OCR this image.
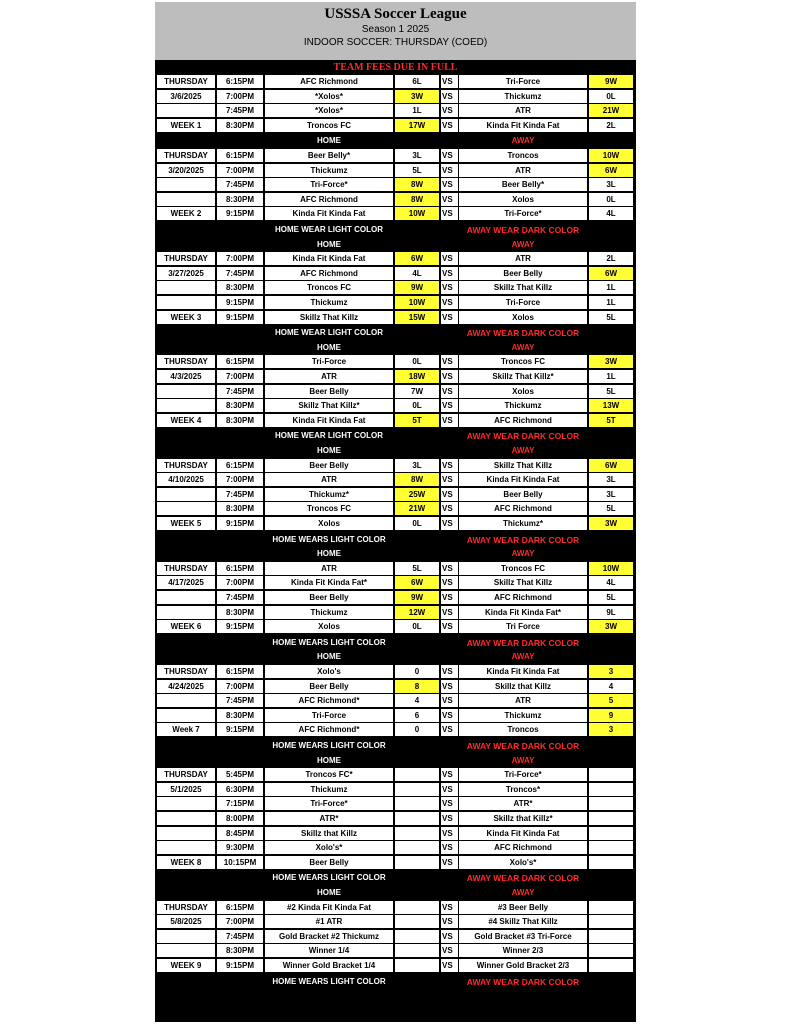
USSSA Soccer League
Season 1 2025
INDOOR SOCCER: THURSDAY (COED)
TEAM FEES DUE IN FULL
THURSDAY	6:15PM	AFC Richmond	6L	VS	Tri-Force	9W
3/6/2025	7:00PM	*Xolos*	3W	VS	Thickumz	0L
7:45PM	*Xolos*	1L	VS	ATR	21W
WEEK 1	8:30PM	Troncos FC	17W	VS	Kinda Fit Kinda Fat	2L
HOME	AWAY
THURSDAY	6:15PM	Beer Belly*	3L	VS	Troncos	10W
3/20/2025	7:00PM	Thickumz	5L	VS	ATR	6W
7:45PM	Tri-Force*	8W	VS	Beer Belly*	3L
8:30PM	AFC Richmond	8W	VS	Xolos	0L
WEEK 2	9:15PM	Kinda Fit Kinda Fat	10W	VS	Tri-Force*	4L
HOME WEAR LIGHT COLOR	AWAY WEAR DARK COLOR
HOME	AWAY
THURSDAY	7:00PM	Kinda Fit Kinda Fat	6W	VS	ATR	2L
3/27/2025	7:45PM	AFC Richmond	4L	VS	Beer Belly	6W
8:30PM	Troncos FC	9W	VS	Skillz That Killz	1L
9:15PM	Thickumz	10W	VS	Tri-Force	1L
WEEK 3	9:15PM	Skillz That Killz	15W	VS	Xolos	5L
HOME WEAR LIGHT COLOR	AWAY WEAR DARK COLOR
HOME	AWAY
THURSDAY	6:15PM	Tri-Force	0L	VS	Troncos FC	3W
4/3/2025	7:00PM	ATR	18W	VS	Skillz That Killz*	1L
7:45PM	Beer Belly	7W	VS	Xolos	5L
8:30PM	Skillz That Killz*	0L	VS	Thickumz	13W
WEEK 4	8:30PM	Kinda Fit Kinda Fat	5T	VS	AFC Richmond	5T
HOME WEAR LIGHT COLOR	AWAY WEAR DARK COLOR
HOME	AWAY
THURSDAY	6:15PM	Beer Belly	3L	VS	Skillz That Killz	6W
4/10/2025	7:00PM	ATR	8W	VS	Kinda Fit Kinda Fat	3L
7:45PM	Thickumz*	25W	VS	Beer Belly	3L
8:30PM	Troncos FC	21W	VS	AFC Richmond	5L
WEEK 5	9:15PM	Xolos	0L	VS	Thickumz*	3W
HOME WEARS LIGHT COLOR	AWAY WEAR DARK COLOR
HOME	AWAY
THURSDAY	6:15PM	ATR	5L	VS	Troncos FC	10W
4/17/2025	7:00PM	Kinda Fit Kinda Fat*	6W	VS	Skillz That Killz	4L
7:45PM	Beer Belly	9W	VS	AFC Richmond	5L
8:30PM	Thickumz	12W	VS	Kinda Fit Kinda Fat*	9L
WEEK 6	9:15PM	Xolos	0L	VS	Tri Force	3W
HOME WEARS LIGHT COLOR	AWAY WEAR DARK COLOR
HOME	AWAY
THURSDAY	6:15PM	Xolo's	0	VS	Kinda Fit Kinda Fat	3
4/24/2025	7:00PM	Beer Belly	8	VS	Skillz that Killz	4
7:45PM	AFC Richmond*	4	VS	ATR	5
8:30PM	Tri-Force	6	VS	Thickumz	9
Week 7	9:15PM	AFC Richmond*	0	VS	Troncos	3
HOME WEARS LIGHT COLOR	AWAY WEAR DARK COLOR
HOME	AWAY
THURSDAY	5:45PM	Troncos FC*	VS	Tri-Force*
5/1/2025	6:30PM	Thickumz	VS	Troncos*
7:15PM	Tri-Force*	VS	ATR*
8:00PM	ATR*	VS	Skillz that Killz*
8:45PM	Skillz that Killz	VS	Kinda Fit Kinda Fat
9:30PM	Xolo's*	VS	AFC Richmond
WEEK 8	10:15PM	Beer Belly	VS	Xolo's*
HOME WEARS LIGHT COLOR	AWAY WEAR DARK COLOR
HOME	AWAY
THURSDAY	6:15PM	#2 Kinda Fit Kinda Fat	VS	#3 Beer Belly
5/8/2025	7:00PM	#1 ATR	VS	#4 Skillz That Killz
7:45PM	Gold Bracket #2 Thickumz	VS	Gold Bracket #3 Tri-Force
8:30PM	Winner 1/4	VS	Winner 2/3
WEEK 9	9:15PM	Winner Gold Bracket 1/4	VS	Winner Gold Bracket 2/3
HOME WEARS LIGHT COLOR	AWAY WEAR DARK COLOR
